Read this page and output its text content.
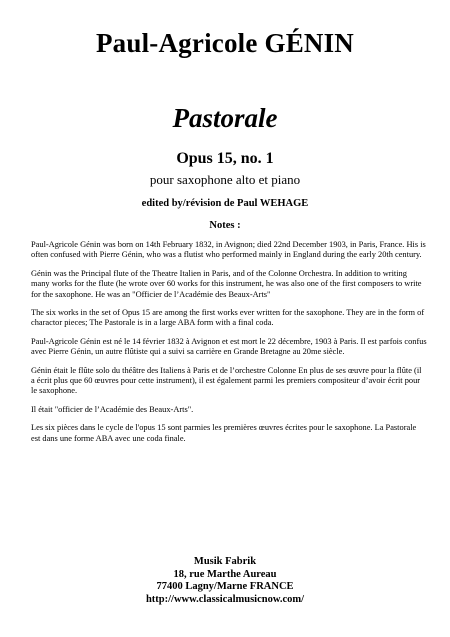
Paul-Agricole GÉNIN
Pastorale
Opus 15, no. 1
pour saxophone alto et piano
edited by/révision de Paul WEHAGE
Notes :

Paul-Agricole Génin was born on 14th February 1832, in Avignon; died 22nd December 1903, in Paris, France. His is often confused with Pierre Génin, who was a flutist who performed mainly in England during the early 20th century.

Génin was the Principal flute of the Theatre Italien in Paris, and of the Colonne Orchestra. In addition to writing many works for the flute (he wrote over 60 works for this instrument, he was also one of the first composers to write for the saxophone. He was an "Officier de l’Académie des Beaux-Arts"

The six works in the set of Opus 15 are among the first works ever written for the saxophone. They are in the form of charactor pieces; The Pastorale is in a large ABA form with a final coda.

Paul-Agricole Génin est né le 14 février 1832 à Avignon et est mort le 22 décembre, 1903 à Paris. Il est parfois confus avec Pierre Génin, un autre flûtiste qui a suivi sa carrière en Grande Bretagne au 20me siècle.

Génin était le flûte solo du théâtre des Italiens à Paris et de l’orchestre Colonne En plus de ses œuvre pour la flûte (il a écrit plus que 60 œuvres pour cette instrument), il est également parmi les premiers compositeur d’avoir écrit pour le saxophone.

Il était "officier de l’Académie des Beaux-Arts".

Les six pièces dans le cycle de l'opus 15 sont parmies les premières œuvres écrites pour le saxophone. La Pastorale est dans une forme ABA avec une coda finale.

Musik Fabrik
18, rue Marthe Aureau
77400 Lagny/Marne FRANCE
http://www.classicalmusicnow.com/
